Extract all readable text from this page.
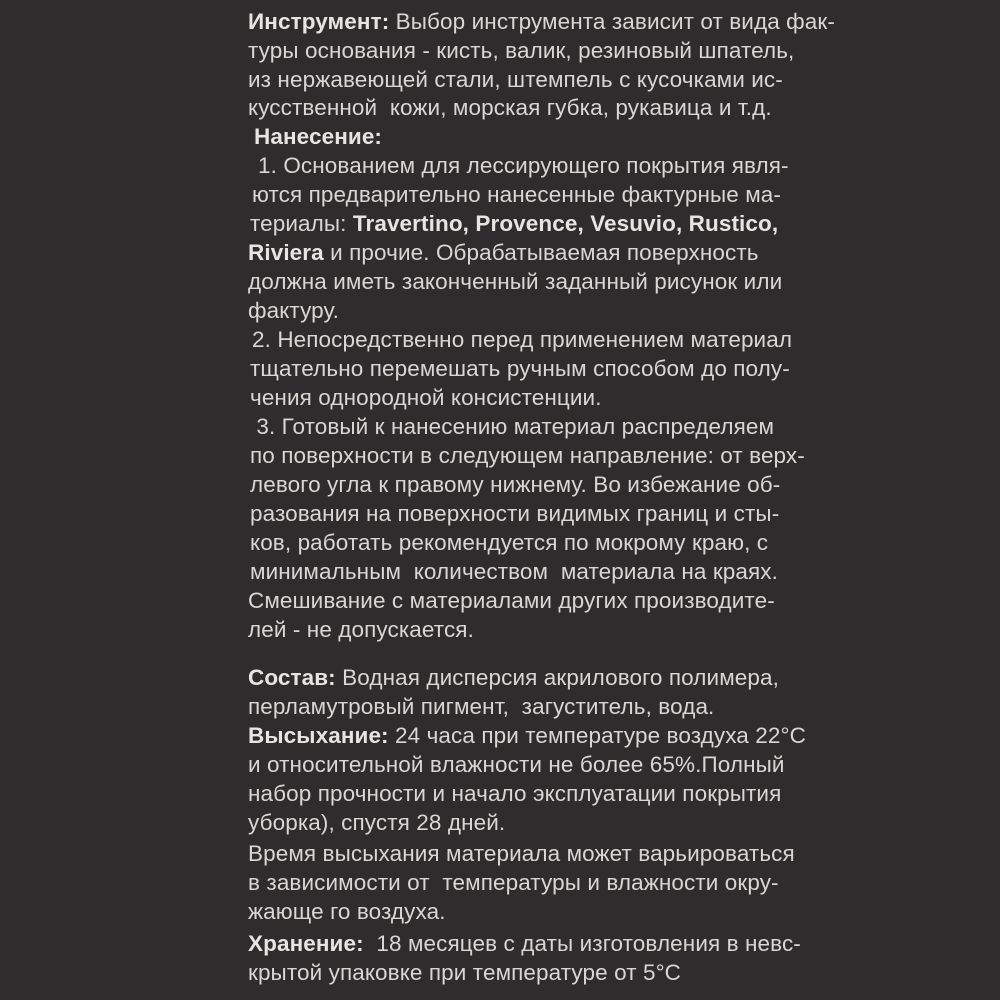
Инструмент: Выбор инструмента зависит от вида фак-
туры основания - кисть, валик, резиновый шпатель,
из нержавеющей стали, штемпель с кусочками ис-
кусственной  кожи, морская губка, рукавица и т.д.
Нанесение:
1. Основанием для лессирующего покрытия явля-
ются предварительно нанесенные фактурные ма-
териалы: Travertino, Provence, Vesuvio, Rustico,
Riviera и прочие. Обрабатываемая поверхность
должна иметь законченный заданный рисунок или
фактуру.
2. Непосредственно перед применением материал
тщательно перемешать ручным способом до полу-
чения однородной консистенции.
3. Готовый к нанесению материал распределяем
по поверхности в следующем направление: от верх-
левого угла к правому нижнему. Во избежание об-
разования на поверхности видимых границ и сты-
ков, работать рекомендуется по мокрому краю, с
минимальным  количеством  материала на краях.
Смешивание с материалами других производите-
лей - не допускается.
Состав: Водная дисперсия акрилового полимера,
перламутровый пигмент,  загуститель, вода.
Высыхание: 24 часа при температуре воздуха 22°С
и относительной влажности не более 65%.Полный
набор прочности и начало эксплуатации покрытия
уборка), спустя 28 дней.
Время высыхания материала может варьироваться
в зависимости от  температуры и влажности окру-
жающе го воздуха.
Хранение:  18 месяцев с даты изготовления в невс-
крытой упаковке при температуре от 5°С
